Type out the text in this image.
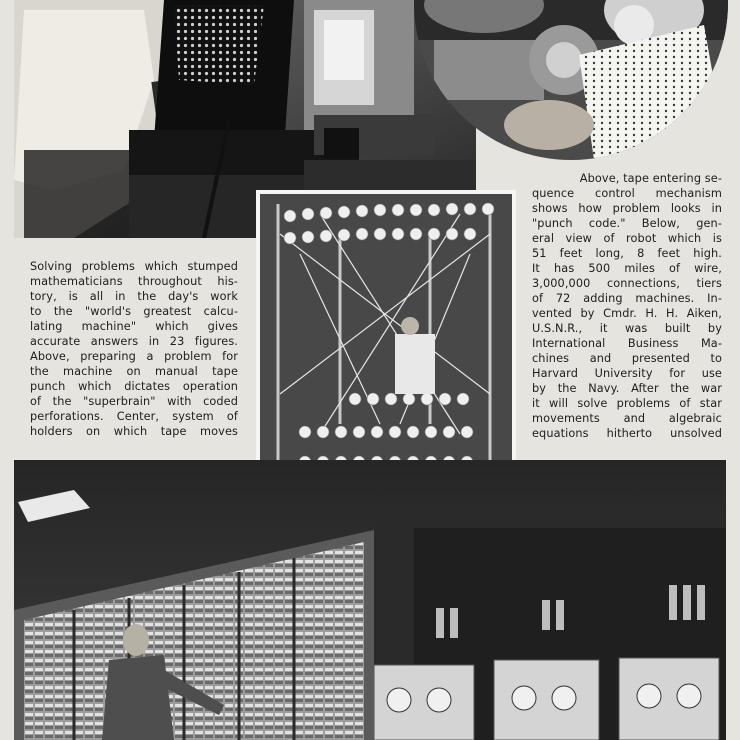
Solving problems which stumped
mathematicians throughout his-
tory, is all in the day's work
to the "world's greatest calcu-
lating machine" which gives
accurate answers in 23 figures.
Above, preparing a problem for
the machine on manual tape
punch which dictates operation
of the "superbrain" with coded
perforations. Center, system of
holders on which tape moves
Above, tape entering se-
quence control mechanism
shows how problem looks in
"punch code." Below, gen-
eral view of robot which is
51 feet long, 8 feet high.
It has 500 miles of wire,
3,000,000 connections, tiers
of 72 adding machines. In-
vented by Cmdr. H. H. Aiken,
U.S.N.R., it was built by
International Business Ma-
chines and presented to
Harvard University for use
by the Navy. After the war
it will solve problems of star
movements and algebraic
equations hitherto unsolved
